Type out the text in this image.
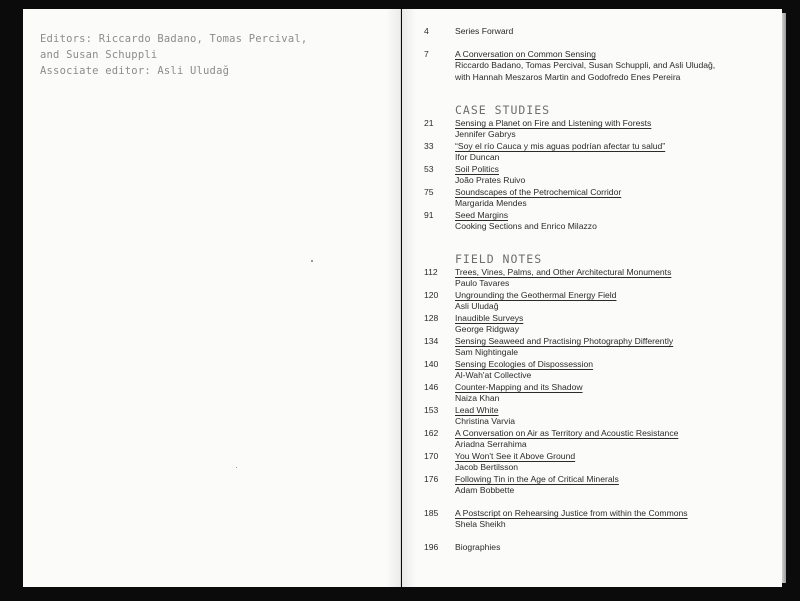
Editors: Riccardo Badano, Tomas Percival,
and Susan Schuppli
Associate editor: Asli Uludağ
4	Series Forward
7	A Conversation on Common Sensing
Riccardo Badano, Tomas Percival, Susan Schuppli, and Asli Uludağ,
with Hannah Meszaros Martin and Godofredo Enes Pereira
CASE STUDIES
21	Sensing a Planet on Fire and Listening with Forests
Jennifer Gabrys
33	“Soy el río Cauca y mis aguas podrían afectar tu salud”
Ifor Duncan
53	Soil Politics
João Prates Ruivo
75	Soundscapes of the Petrochemical Corridor
Margarida Mendes
91	Seed Margins
Cooking Sections and Enrico Milazzo
FIELD NOTES
112	Trees, Vines, Palms, and Other Architectural Monuments
Paulo Tavares
120	Ungrounding the Geothermal Energy Field
Asli Uludağ
128	Inaudible Surveys
George Ridgway
134	Sensing Seaweed and Practising Photography Differently
Sam Nightingale
140	Sensing Ecologies of Dispossession
Al-Wah'at Collective
146	Counter-Mapping and its Shadow
Naiza Khan
153	Lead White
Christina Varvia
162	A Conversation on Air as Territory and Acoustic Resistance
Ariadna Serrahima
170	You Won't See it Above Ground
Jacob Bertilsson
176	Following Tin in the Age of Critical Minerals
Adam Bobbette
185	A Postscript on Rehearsing Justice from within the Commons
Shela Sheikh
196	Biographies
